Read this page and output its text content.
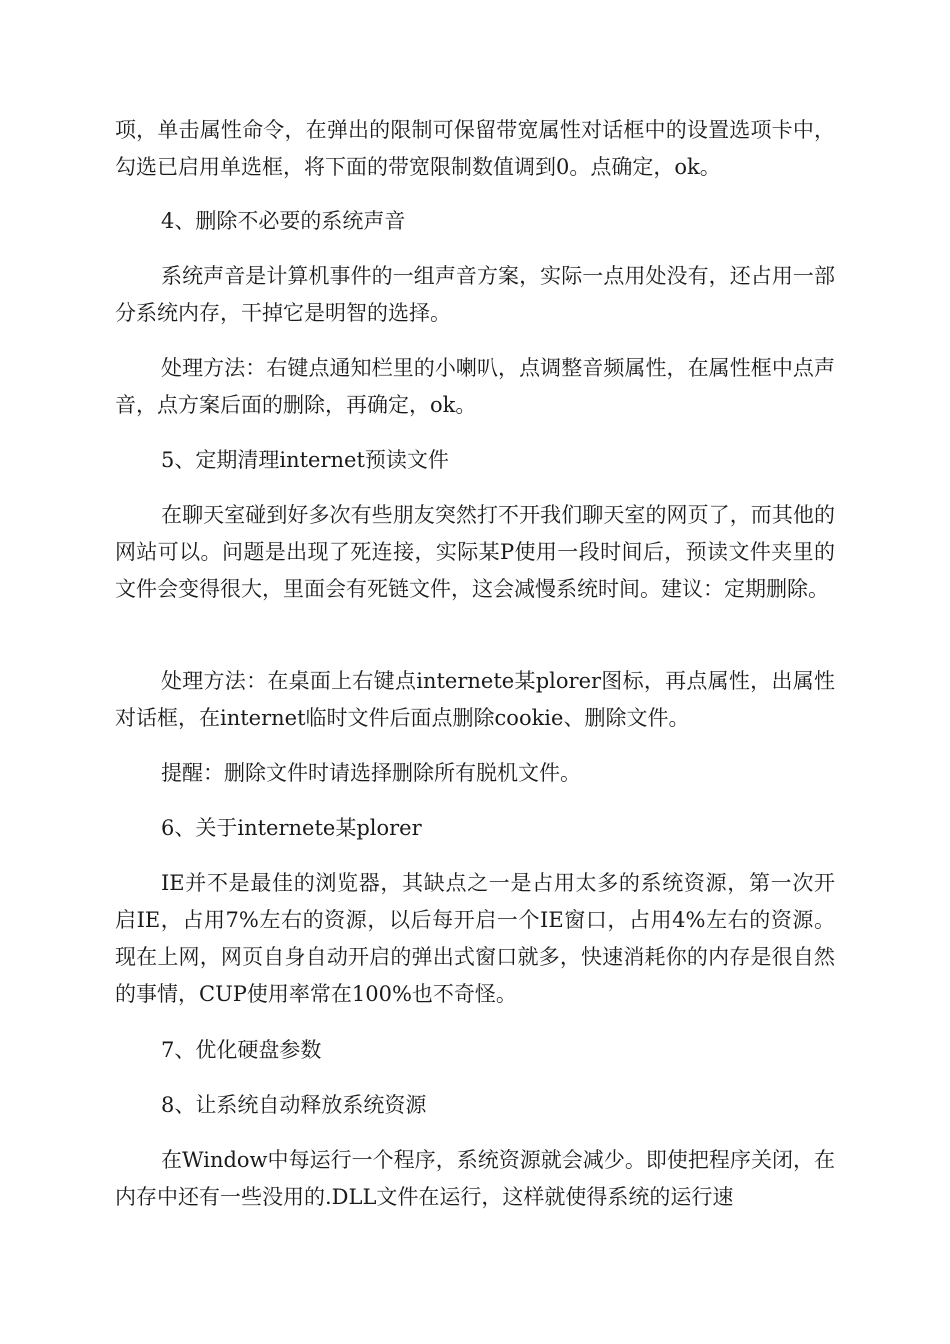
项，单击属性命令，在弹出的限制可保留带宽属性对话框中的设置选项卡中，勾选已启用单选框，将下面的带宽限制数值调到0。点确定，ok。

4、删除不必要的系统声音

系统声音是计算机事件的一组声音方案，实际一点用处没有，还占用一部分系统内存，干掉它是明智的选择。

处理方法：右键点通知栏里的小喇叭，点调整音频属性，在属性框中点声音，点方案后面的删除，再确定，ok。

5、定期清理internet预读文件

在聊天室碰到好多次有些朋友突然打不开我们聊天室的网页了，而其他的网站可以。问题是出现了死连接，实际某P使用一段时间后，预读文件夹里的文件会变得很大，里面会有死链文件，这会减慢系统时间。建议：定期删除。

处理方法：在桌面上右键点internete某plorer图标，再点属性，出属性对话框，在internet临时文件后面点删除cookie、删除文件。

提醒：删除文件时请选择删除所有脱机文件。

6、关于internete某plorer

IE并不是最佳的浏览器，其缺点之一是占用太多的系统资源，第一次开启IE，占用7%左右的资源，以后每开启一个IE窗口，占用4%左右的资源。现在上网，网页自身自动开启的弹出式窗口就多，快速消耗你的内存是很自然的事情，CUP使用率常在100%也不奇怪。

7、优化硬盘参数

8、让系统自动释放系统资源

在Window中每运行一个程序，系统资源就会减少。即使把程序关闭，在内存中还有一些没用的.DLL文件在运行，这样就使得系统的运行速
